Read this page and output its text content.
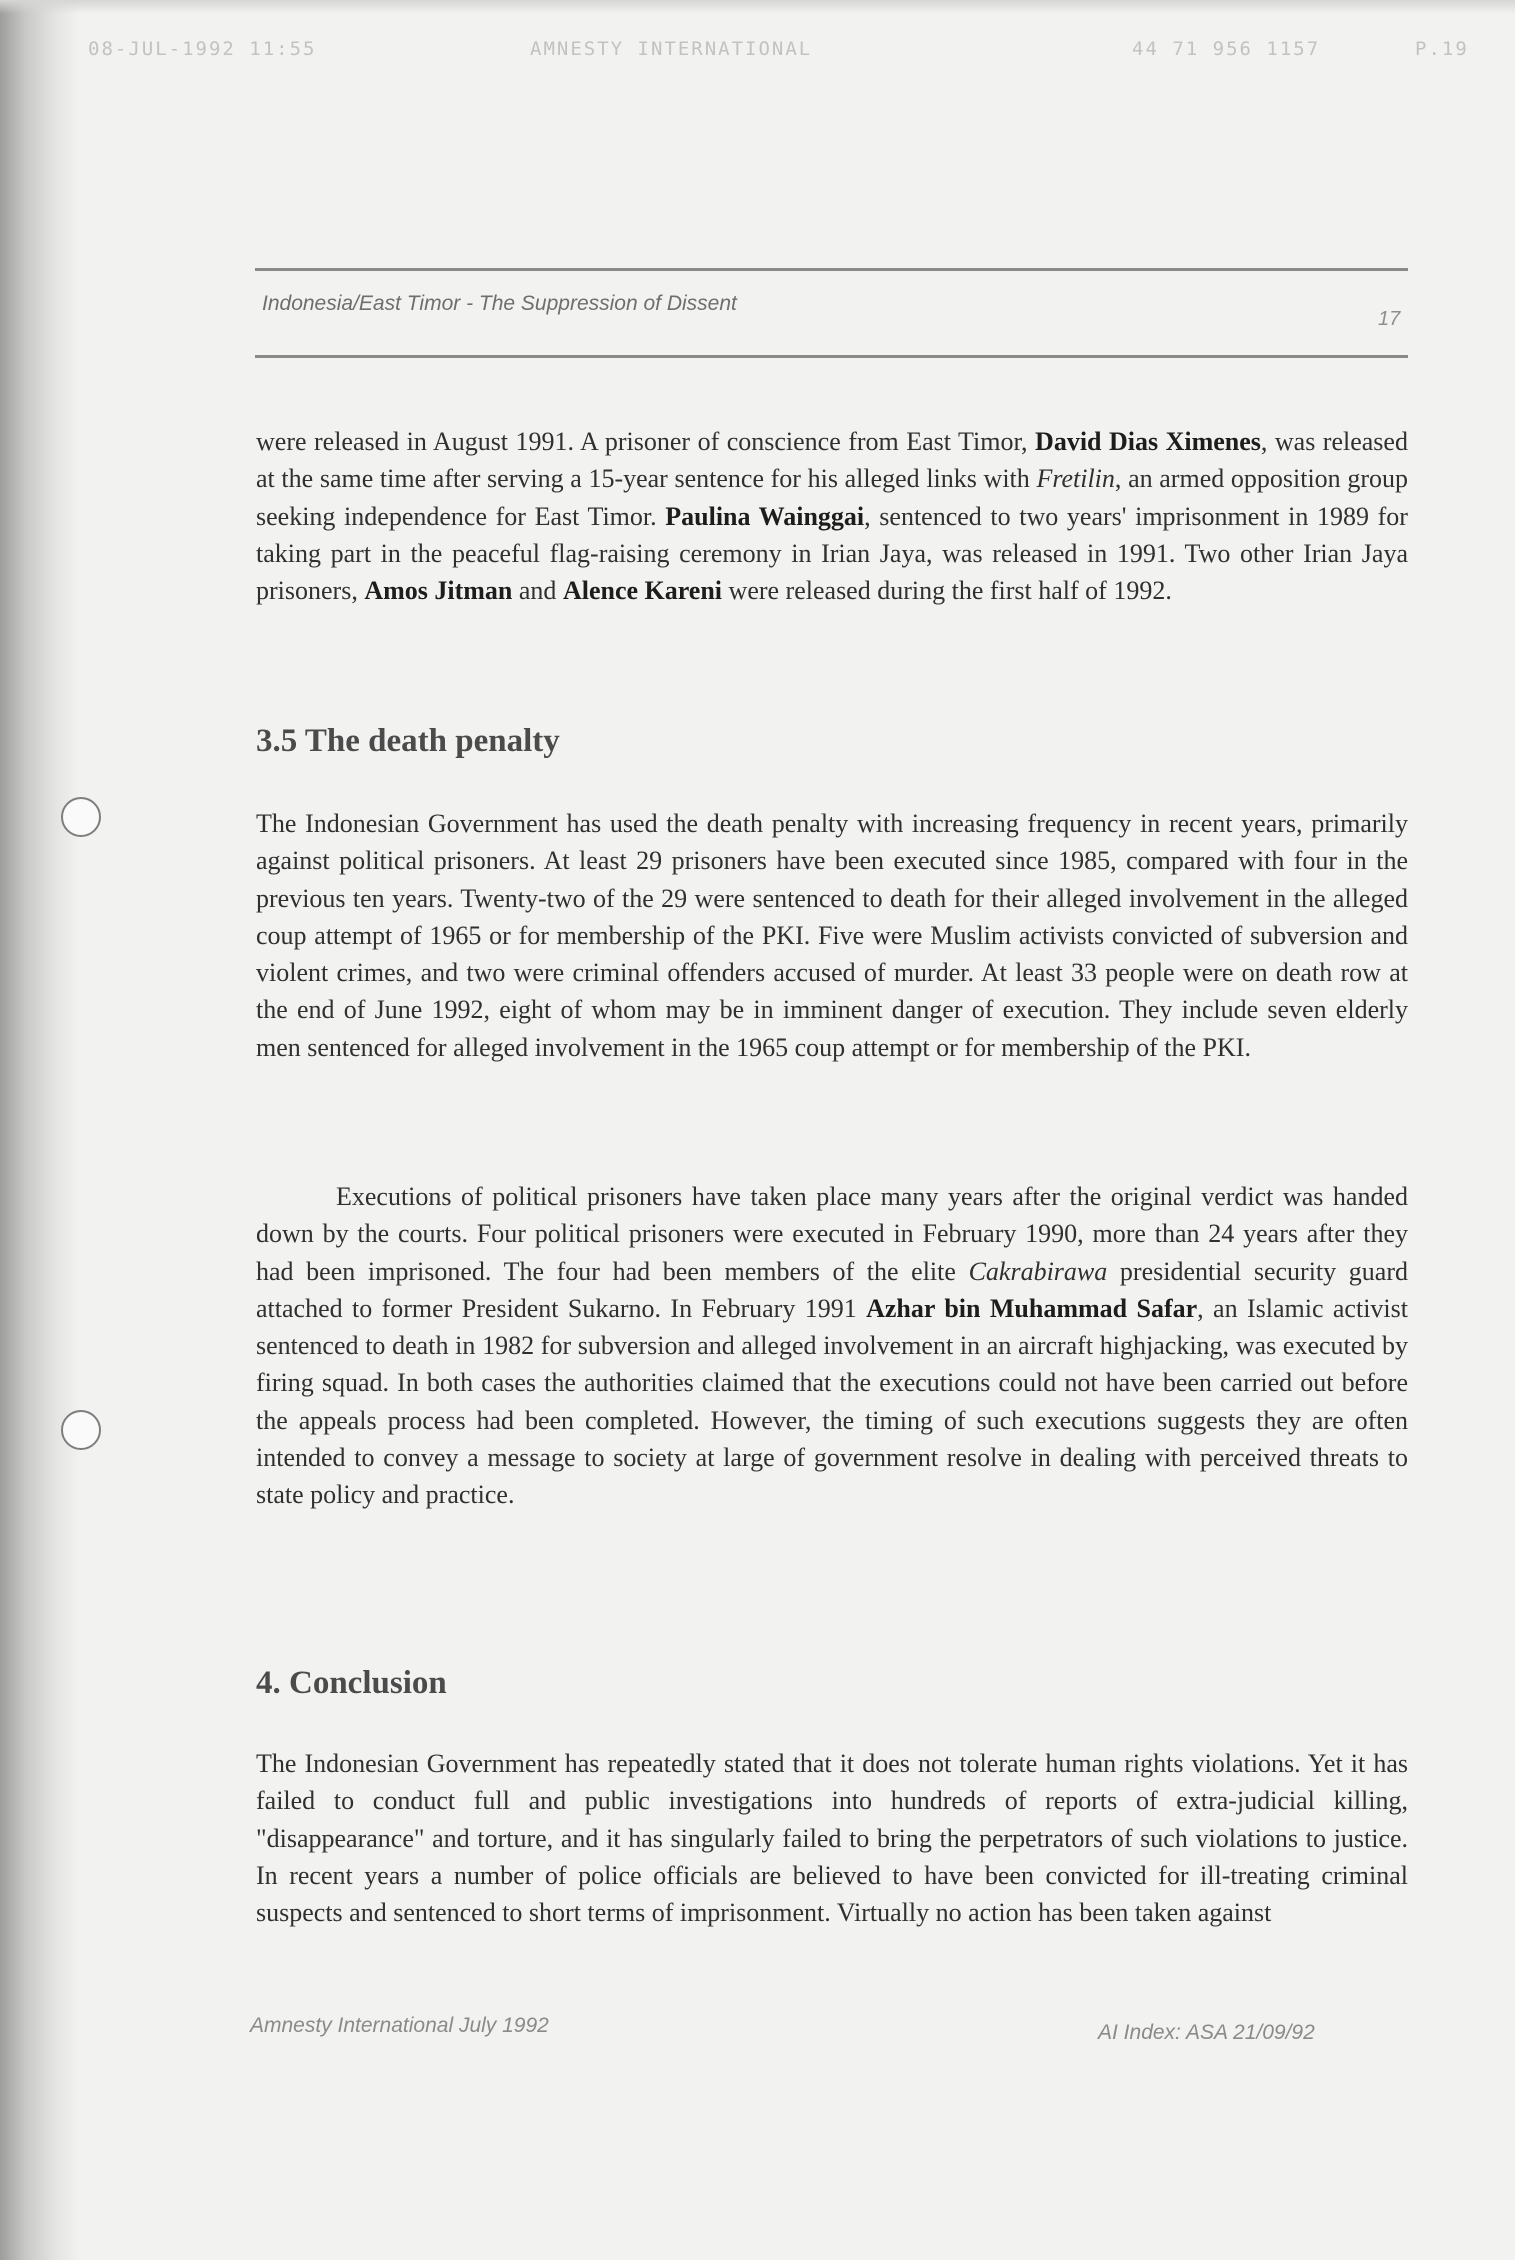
08-JUL-1992 11:55	AMNESTY INTERNATIONAL	44 71 956 1157	P.19
Indonesia/East Timor - The Suppression of Dissent
17

were released in August 1991. A prisoner of conscience from East Timor, David Dias Ximenes, was released at the same time after serving a 15-year sentence for his alleged links with Fretilin, an armed opposition group seeking independence for East Timor. Paulina Wainggai, sentenced to two years' imprisonment in 1989 for taking part in the peaceful flag-raising ceremony in Irian Jaya, was released in 1991. Two other Irian Jaya prisoners, Amos Jitman and Alence Kareni were released during the first half of 1992.

3.5 The death penalty

The Indonesian Government has used the death penalty with increasing frequency in recent years, primarily against political prisoners. At least 29 prisoners have been executed since 1985, compared with four in the previous ten years. Twenty-two of the 29 were sentenced to death for their alleged involvement in the alleged coup attempt of 1965 or for membership of the PKI. Five were Muslim activists convicted of subversion and violent crimes, and two were criminal offenders accused of murder. At least 33 people were on death row at the end of June 1992, eight of whom may be in imminent danger of execution. They include seven elderly men sentenced for alleged involvement in the 1965 coup attempt or for membership of the PKI.

Executions of political prisoners have taken place many years after the original verdict was handed down by the courts. Four political prisoners were executed in February 1990, more than 24 years after they had been imprisoned. The four had been members of the elite Cakrabirawa presidential security guard attached to former President Sukarno. In February 1991 Azhar bin Muhammad Safar, an Islamic activist sentenced to death in 1982 for subversion and alleged involvement in an aircraft highjacking, was executed by firing squad. In both cases the authorities claimed that the executions could not have been carried out before the appeals process had been completed. However, the timing of such executions suggests they are often intended to convey a message to society at large of government resolve in dealing with perceived threats to state policy and practice.

4. Conclusion

The Indonesian Government has repeatedly stated that it does not tolerate human rights violations. Yet it has failed to conduct full and public investigations into hundreds of reports of extra-judicial killing, "disappearance" and torture, and it has singularly failed to bring the perpetrators of such violations to justice. In recent years a number of police officials are believed to have been convicted for ill-treating criminal suspects and sentenced to short terms of imprisonment. Virtually no action has been taken against

Amnesty International July 1992	AI Index: ASA 21/09/92
